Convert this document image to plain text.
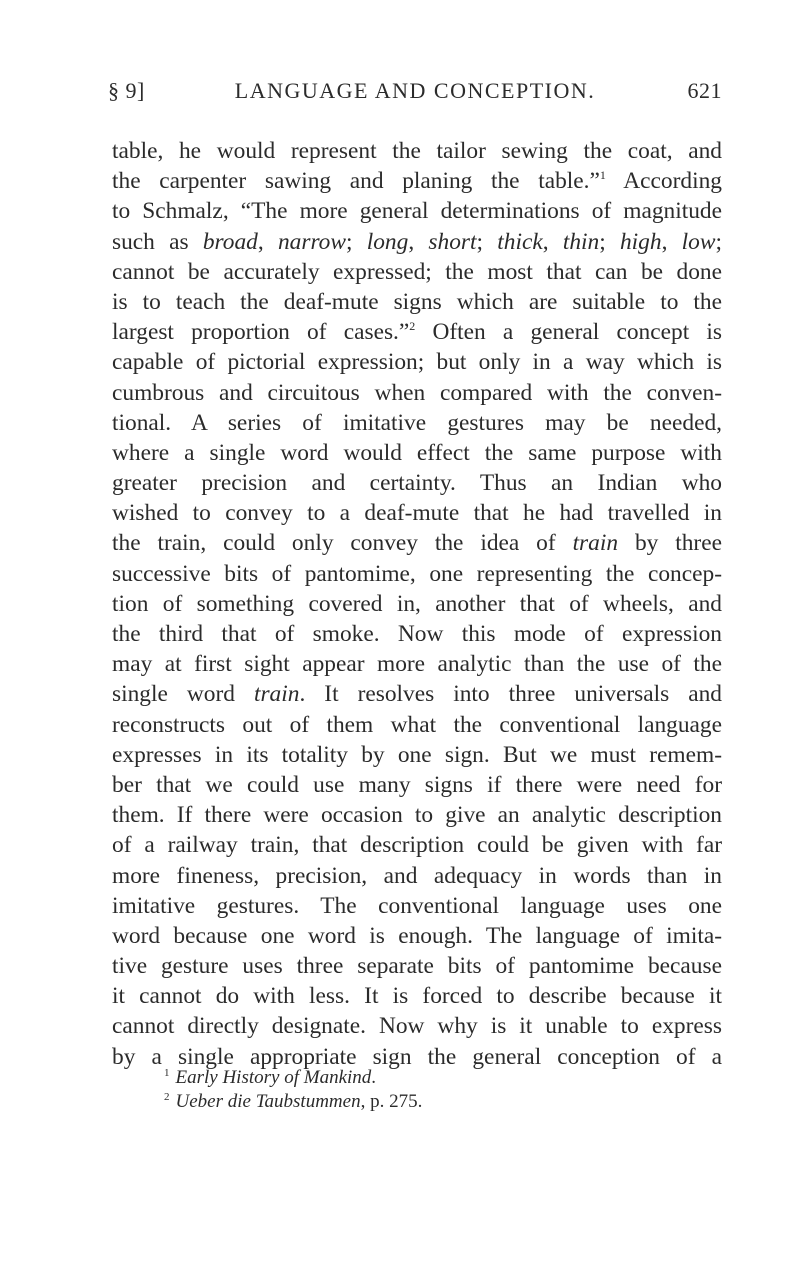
§ 9]	LANGUAGE AND CONCEPTION.	621
table, he would represent the tailor sewing the coat, and
the carpenter sawing and planing the table.”$^1$ According
to Schmalz, “The more general determinations of magnitude
such as broad, narrow; long, short; thick, thin; high, low;
cannot be accurately expressed; the most that can be done
is to teach the deaf-mute signs which are suitable to the
largest proportion of cases.”$^2$ Often a general concept is
capable of pictorial expression; but only in a way which is
cumbrous and circuitous when compared with the conven-
tional. A series of imitative gestures may be needed,
where a single word would effect the same purpose with
greater precision and certainty. Thus an Indian who
wished to convey to a deaf-mute that he had travelled in
the train, could only convey the idea of train by three
successive bits of pantomime, one representing the concep-
tion of something covered in, another that of wheels, and
the third that of smoke. Now this mode of expression
may at first sight appear more analytic than the use of the
single word train. It resolves into three universals and
reconstructs out of them what the conventional language
expresses in its totality by one sign. But we must remem-
ber that we could use many signs if there were need for
them. If there were occasion to give an analytic description
of a railway train, that description could be given with far
more fineness, precision, and adequacy in words than in
imitative gestures. The conventional language uses one
word because one word is enough. The language of imita-
tive gesture uses three separate bits of pantomime because
it cannot do with less. It is forced to describe because it
cannot directly designate. Now why is it unable to express
by a single appropriate sign the general conception of a
$^1$ Early History of Mankind.
$^2$ Ueber die Taubstummen, p. 275.
